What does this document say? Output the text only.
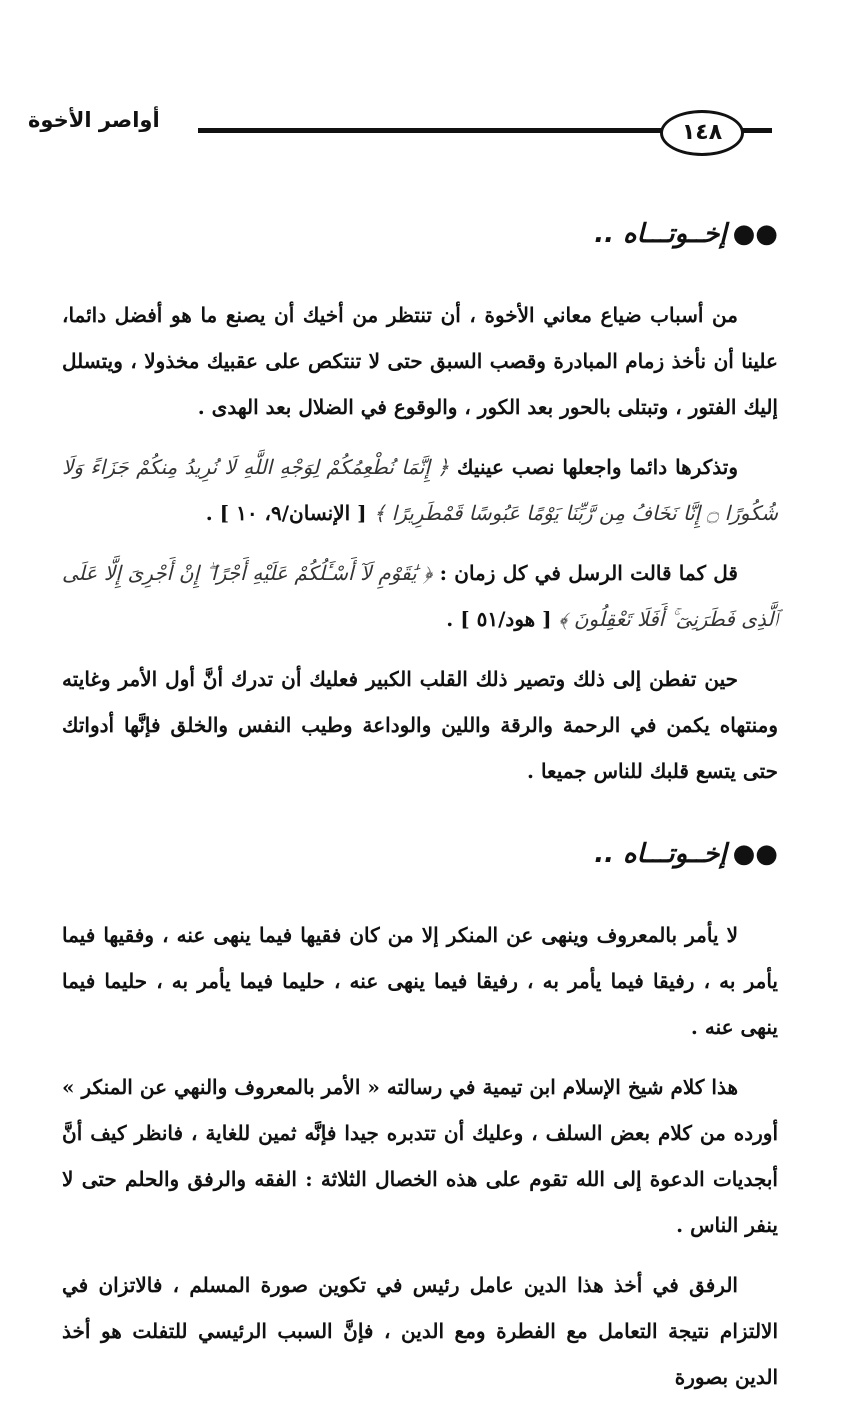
١٤٨
أواصر الأخوة
●●إخــوتـــاه ..

من أسباب ضياع معاني الأخوة ، أن تنتظر من أخيك أن يصنع ما هو أفضل دائما، علينا أن نأخذ زمام المبادرة وقصب السبق حتى لا تنتكص على عقبيك مخذولا ، ويتسلل إليك الفتور ، وتبتلى بالحور بعد الكور ، والوقوع في الضلال بعد الهدى .

وتذكرها دائما واجعلها نصب عينيك ﴿ إِنَّمَا نُطْعِمُكُمْ لِوَجْهِ اللَّهِ لَا نُرِيدُ مِنكُمْ جَزَاءً وَلَا شُكُورًا ۝ إِنَّا نَخَافُ مِن رَّبِّنَا يَوْمًا عَبُوسًا قَمْطَرِيرًا ﴾ [ الإنسان/٩، ١٠ ] .

قل كما قالت الرسل في كل زمان : ﴿ يَٰقَوْمِ لَآ أَسْـَٔلُكُمْ عَلَيْهِ أَجْرًا ۖ إِنْ أَجْرِىَ إِلَّا عَلَى ٱلَّذِى فَطَرَنِىٓ ۚ أَفَلَا تَعْقِلُونَ ﴾ [ هود/٥١ ] .

حين تفطن إلى ذلك وتصير ذلك القلب الكبير فعليك أن تدرك أنَّ أول الأمر وغايته ومنتهاه يكمن في الرحمة والرقة واللين والوداعة وطيب النفس والخلق فإنَّها أدواتك حتى يتسع قلبك للناس جميعا .

●●إخــوتـــاه ..

لا يأمر بالمعروف وينهى عن المنكر إلا من كان فقيها فيما ينهى عنه ، وفقيها فيما يأمر به ، رفيقا فيما يأمر به ، رفيقا فيما ينهى عنه ، حليما فيما يأمر به ، حليما فيما ينهى عنه .

هذا كلام شيخ الإسلام ابن تيمية في رسالته « الأمر بالمعروف والنهي عن المنكر » أورده من كلام بعض السلف ، وعليك أن تتدبره جيدا فإنَّه ثمين للغاية ، فانظر كيف أنَّ أبجديات الدعوة إلى الله تقوم على هذه الخصال الثلاثة : الفقه والرفق والحلم حتى لا ينفر الناس .

الرفق في أخذ هذا الدين عامل رئيس في تكوين صورة المسلم ، فالاتزان في الالتزام نتيجة التعامل مع الفطرة ومع الدين ، فإنَّ السبب الرئيسي للتفلت هو أخذ الدين بصورة
